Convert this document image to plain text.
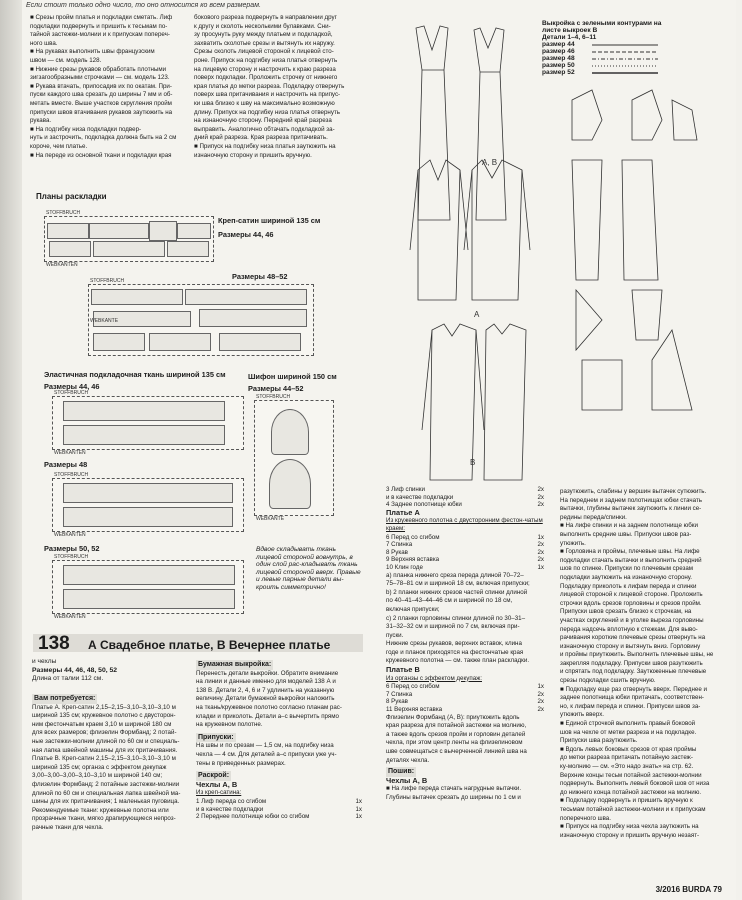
Если стоит только одно число, то оно относится ко всем размерам.

■ Срезы пройм платья и подкладки сметать. Лиф

подкладки подвернуть и пришить к тесьмам по-

тайной застежки-молнии и к припускам попереч-

ного шва.

■ На рукавах выполнить швы французским

швом — см. модель 128.

■ Нижние срезы рукавов обработать плотными

зигзагообразными строчками — см. модель 123.

■ Рукава втачать, припосадив их по окатам. При-

пуски каждого шва срезать до ширины 7 мм и об-

метать вместе. Выше участков скругления пройм

припуски швов втачивания рукавов заутюжить на

рукава.

■ На подгибку низа подкладки подвер-

нуть и застрочить, подкладка должна быть на 2 см

короче, чем платье.

■ На переде из основной ткани и подкладки края

бокового разреза подвернуть в направлении друг

к другу и сколоть несколькими булавками. Сни-

зу просунуть руку между платьем и подкладкой,

захватить сколотые срезы и вытянуть их наружу.

Срезы сколоть лицевой стороной к лицевой сто-

роне. Припуск на подгибку низа платья отвернуть

на лицевую сторону и настрочить к краю разреза

поверх подкладки. Проложить строчку от нижнего

края платья до метки разреза. Подкладку отвернуть

поверх шва притачивания и настрочить на припус-

ки шва близко к шву на максимально возможную

длину. Припуск на подгибку низа платья отвернуть

на изнаночную сторону. Передний край разреза

выправить. Аналогично обтачать подкладкой за-

дний край разреза. Края разреза притачивать.

■ Припуск на подгибку низа платья заутюжить на

изнаночную сторону и пришить вручную.

Планы раскладки
STOFFBRUCH
WEBKANTEN
Креп-сатин шириной 135 см
Размеры 44, 46
Размеры 48–52
STOFFBRUCH
WEBKANTE
Эластичная подкладочная ткань шириной 135 см
Размеры 44, 46
STOFFBRUCH
WEBKANTEN
Размеры 48
STOFFBRUCH
WEBKANTEN
Размеры 50, 52
STOFFBRUCH
WEBKANTEN
Шифон шириной 150 см
Размеры 44–52
STOFFBRUCH
WEBKANTE
Вдвое складывать ткань лицевой стороной вовнутрь, в один слой рас-кладывать ткань лицевой стороной вверх. Правые и левые парные детали вы-кроить симметрично!
138 А Свадебное платье, В Вечернее платье

и чехлы

Размеры 44, 46, 48, 50, 52

Длина от талии 112 см.

Вам потребуется:

Платье А. Креп-сатин 2,15–2,15–3,10–3,10–3,10 м

шириной 135 см; кружевное полотно с двусторон-

ним фестончатым краем 3,10 м шириной 180 см

для всех размеров; флизелин Формбанд; 2 потай-

ные застежки-молнии длиной по 60 см и специаль-

ная лапка швейной машины для их притачивания.

Платье В. Креп-сатин 2,15–2,15–3,10–3,10–3,10 м

шириной 135 см; органза с эффектом декупаж

3,00–3,00–3,00–3,10–3,10 м шириной 140 см;

флизелин Формбанд; 2 потайные застежки-молнии

длиной по 60 см и специальная лапка швейной ма-

шины для их притачивания; 1 маленькая пуговица.

Рекомендуемые ткани: кружевные полотна или

прозрачные ткани, мягко драпирующиеся непроз-

рачные ткани для чехла.

Бумажная выкройка:

Перенесть детали выкройки. Обратите внимание

на линии и данные именно для моделей 138 А и

138 В. Детали 2, 4, 6 и 7 удлинить на указанную

величину. Детали бумажной выкройки наложить

на ткань/кружевное полотно согласно планам рас-

кладки и приколоть. Детали а–с вычертить прямо

на кружевном полотне.

Припуски:

На швы и по срезам — 1,5 см, на подгибку низа

чехла — 4 см. Для деталей а–с припуски уже уч-

тены в приведенных размерах.

Раскрой:

Чехлы А, В

Из креп-сатина:

1 Лиф переда со сгибом	1x
и в качестве подкладки	1x
2 Переднее полотнище юбки со сгибом	1x
А, В
А
В
3 Лиф спинки	2x
и в качестве подкладки	2x
4 Заднее полотнище юбки	2x

Платье А

Из кружевного полотна с двусторонним фестон-чатым краем:

6 Перед со сгибом	1x
7 Спинка	2x
8 Рукав	2x
9 Верхняя вставка	2x
10 Клин годе	1x

a) планка нижнего среза переда длиной 70–72–

75–78–81 см и шириной 18 см, включая припуски;

b) 2 планки нижних срезов частей спинки длиной

по 40–41–43–44–46 см и шириной по 18 см,

включая припуски;

c) 2 планки горловины спинки длиной по 30–31–

31–32–32 см и шириной по 7 см, включая при-

пуски.

Нижние срезы рукавов, верхних вставок, клина

годе и планок приходятся на фестончатые края

кружевного полотна — см. также план раскладки.

Платье В

Из органзы с эффектом декупаж:

6 Перед со сгибом	1x
7 Спинка	2x
8 Рукав	2x
11 Верхняя вставка	2x

Флизелин Формбанд (А, В): приутюжить вдоль

края разреза для потайной застежки на молнию,

а также вдоль срезов пройм и горловин деталей

чехла, при этом центр ленты на флизелиновом

шве совмещаться с вычерченной линией шва на

деталях чехла.

Пошив:

Чехлы А, В

■ На лифе переда стачать нагрудные вытачки.

Глубины вытачек срезать до ширины по 1 см и

Выкройка с зелеными контурами на листе выкроек В
Детали 1–4, 6–11
размер 44
размер 46
размер 48
размер 50
размер 52

разутюжить, слабины у вершин вытачек сутюжить.

На переднем и заднем полотнищах юбки стачать

вытачки, глубины вытачек заутюжить к линии се-

редины переда/спинки.

■ На лифе спинки и на заднем полотнище юбки

выполнить средние швы. Припуски швов раз-

утюжить.

■ Горловина и проймы, плечевые швы. На лифе

подкладки стачать вытачки и выполнить средний

шов по спинке. Припуски по плечевым срезам

подкладки заутюжить на изнаночную сторону.

Подкладку приколоть к лифам переда и спинки

лицевой стороной к лицевой стороне. Проложить

строчки вдоль срезов горловины и срезов пройм.

Припуски швов срезать близко к строчкам, на

участках скруглений и в уголке выреза горловины

переда надсечь вплотную к стежкам. Для выво-

рачивания короткие плечевые срезы отвернуть на

изнаночную сторону и вытянуть вниз. Горловину

и проймы приутюжить. Выполнить плечевые швы, не

закрепляя подкладку. Припуски швов разутюжить

и спрятать под подкладку. Заутюженные плечевые

срезы подкладки сшить вручную.

■ Подкладку еще раз отвернуть вверх. Переднее и

заднее полотнища юбки притачать, соответствен-

но, к лифам переда и спинки. Припуски швов за-

утюжить вверх.

■ Единой строчкой выполнить правый боковой

шов на чехле от метки разреза и на подкладке.

Припуски шва разутюжить.

■ Вдоль левых боковых срезов от края проймы

до метки разреза притачать потайную застеж-

ку-молнию — см. «Это надо знать» на стр. 62.

Верхние концы тесьм потайной застежки-молнии

подвернуть. Выполнить левый боковой шов от низа

до нижнего конца потайной застежки на молнию.

■ Подкладку подвернуть и пришить вручную к

тесьмам потайной застежки-молнии и к припускам

поперечного шва.

■ Припуск на подгибку низа чехла заутюжить на

изнаночную сторону и пришить вручную незаят-

3/2016 BURDA 79
